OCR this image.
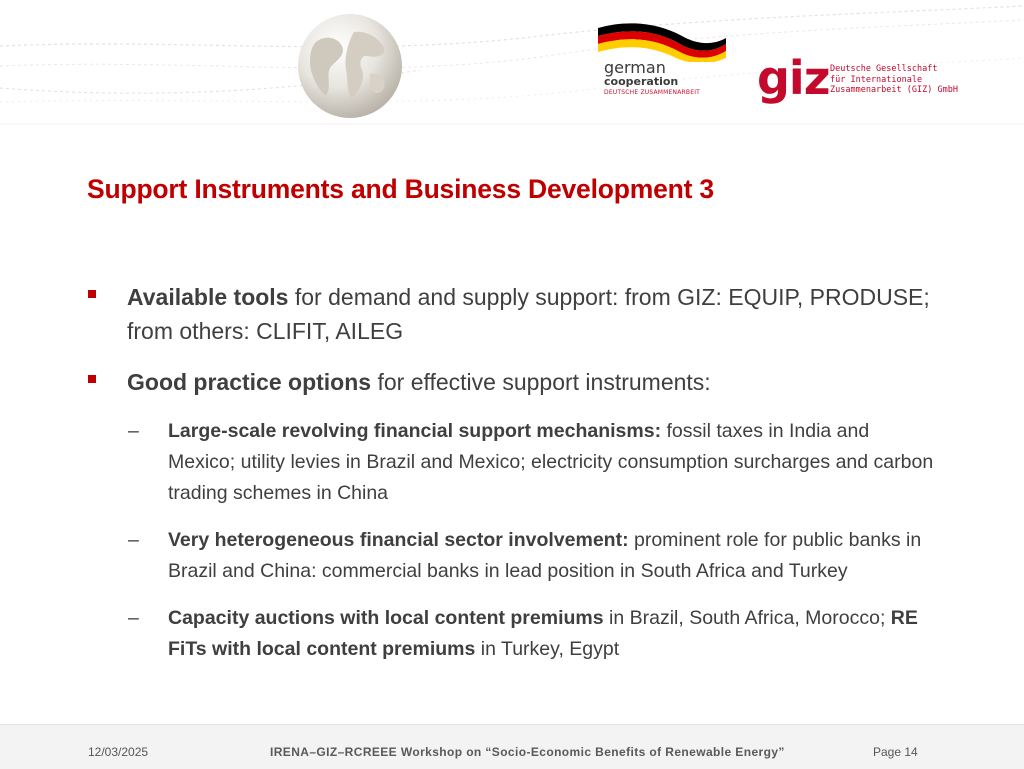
german
cooperation
DEUTSCHE ZUSAMMENARBEIT giz Deutsche Gesellschaft
für Internationale
Zusammenarbeit (GIZ) GmbH
Support Instruments and Business Development 3
Available tools for demand and supply support: from GIZ: EQUIP, PRODUSE; from others: CLIFIT, AILEG
Good practice options for effective support instruments:
– Large-scale revolving financial support mechanisms: fossil taxes in India and Mexico; utility levies in Brazil and Mexico; electricity consumption surcharges and carbon trading schemes in China
– Very heterogeneous financial sector involvement: prominent role for public banks in Brazil and China: commercial banks in lead position in South Africa and Turkey
– Capacity auctions with local content premiums in Brazil, South Africa, Morocco; RE FiTs with local content premiums in Turkey, Egypt
12/03/2025	IRENA–GIZ–RCREEE Workshop on “Socio-Economic Benefits of Renewable Energy”	Page 14
